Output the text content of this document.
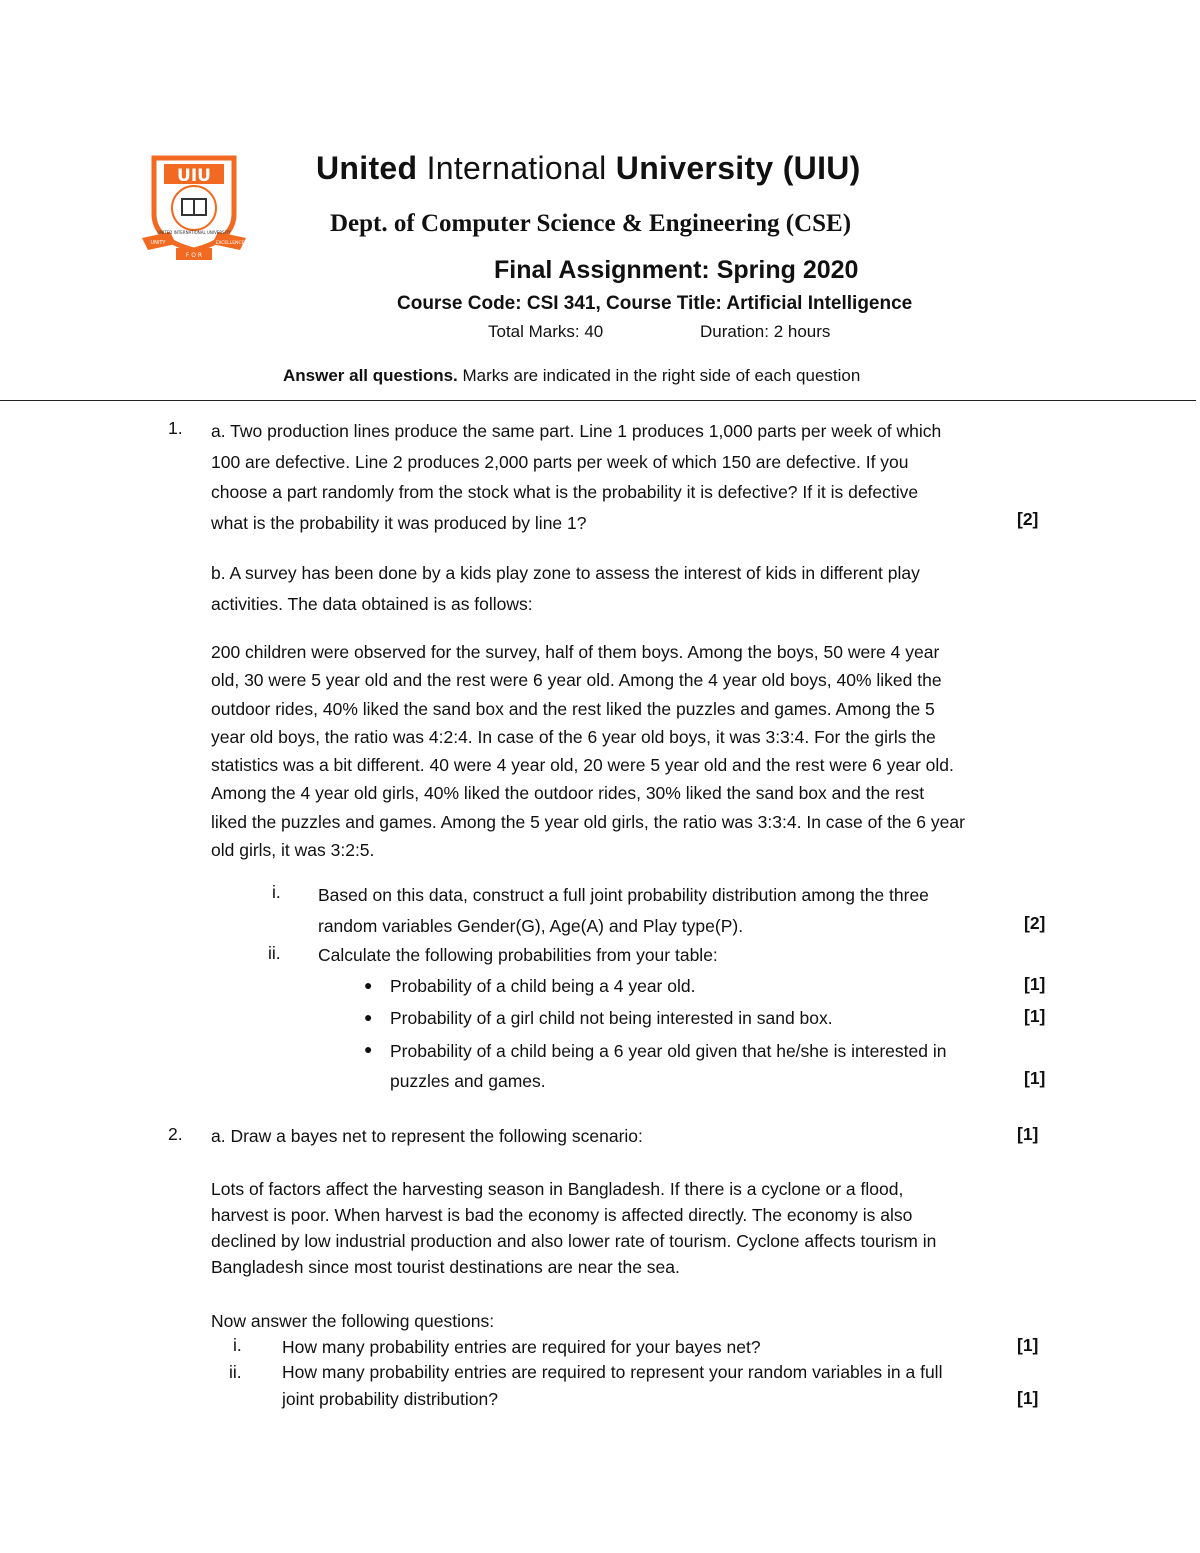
UIU
F O R
UNITY	EXCELLENCE
UNITED INTERNATIONAL UNIVERSITY
United International University (UIU)
Dept. of Computer Science & Engineering (CSE)
Final Assignment: Spring 2020
Course Code: CSI 341, Course Title: Artificial Intelligence
Total Marks: 40	Duration: 2 hours
Answer all questions. Marks are indicated in the right side of each question
1. a. Two production lines produce the same part. Line 1 produces 1,000 parts per week of which
100 are defective. Line 2 produces 2,000 parts per week of which 150 are defective. If you
choose a part randomly from the stock what is the probability it is defective? If it is defective
what is the probability it was produced by line 1?	[2]
b. A survey has been done by a kids play zone to assess the interest of kids in different play
activities. The data obtained is as follows:
200 children were observed for the survey, half of them boys. Among the boys, 50 were 4 year
old, 30 were 5 year old and the rest were 6 year old. Among the 4 year old boys, 40% liked the
outdoor rides, 40% liked the sand box and the rest liked the puzzles and games. Among the 5
year old boys, the ratio was 4:2:4. In case of the 6 year old boys, it was 3:3:4. For the girls the
statistics was a bit different. 40 were 4 year old, 20 were 5 year old and the rest were 6 year old.
Among the 4 year old girls, 40% liked the outdoor rides, 30% liked the sand box and the rest
liked the puzzles and games. Among the 5 year old girls, the ratio was 3:3:4. In case of the 6 year
old girls, it was 3:2:5.
i. Based on this data, construct a full joint probability distribution among the three
random variables Gender(G), Age(A) and Play type(P).	[2]
ii. Calculate the following probabilities from your table:
● Probability of a child being a 4 year old.	[1]
● Probability of a girl child not being interested in sand box.	[1]
● Probability of a child being a 6 year old given that he/she is interested in
puzzles and games.	[1]
2. a. Draw a bayes net to represent the following scenario:	[1]
Lots of factors affect the harvesting season in Bangladesh. If there is a cyclone or a flood,
harvest is poor. When harvest is bad the economy is affected directly. The economy is also
declined by low industrial production and also lower rate of tourism. Cyclone affects tourism in
Bangladesh since most tourist destinations are near the sea.
Now answer the following questions:
i. How many probability entries are required for your bayes net?	[1]
ii. How many probability entries are required to represent your random variables in a full
joint probability distribution?	[1]
